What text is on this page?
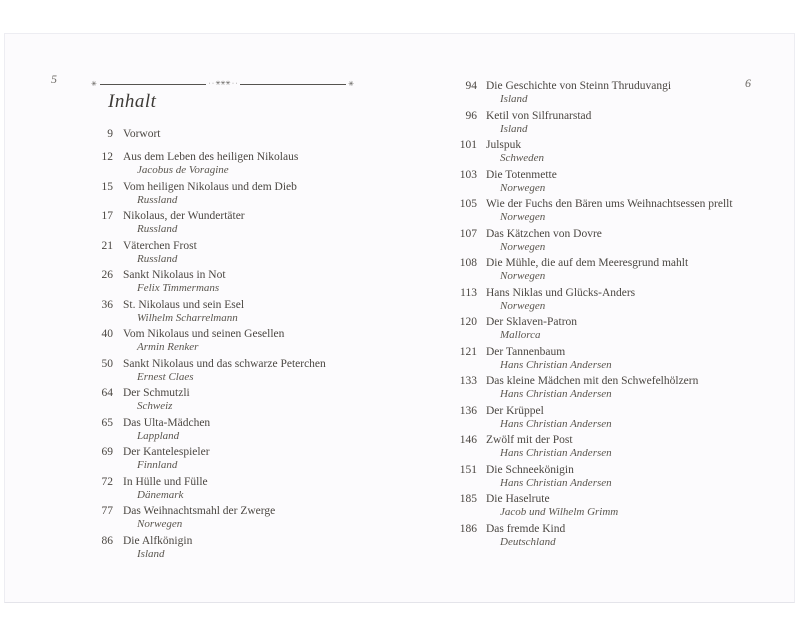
5	6
✳	· · ✳✳✳ · ·	✳
Inhalt
9 Vorwort
12 Aus dem Leben des heiligen Nikolaus
Jacobus de Voragine
15 Vom heiligen Nikolaus und dem Dieb
Russland
17 Nikolaus, der Wundertäter
Russland
21 Väterchen Frost
Russland
26 Sankt Nikolaus in Not
Felix Timmermans
36 St. Nikolaus und sein Esel
Wilhelm Scharrelmann
40 Vom Nikolaus und seinen Gesellen
Armin Renker
50 Sankt Nikolaus und das schwarze Peterchen
Ernest Claes
64 Der Schmutzli
Schweiz
65 Das Ulta-Mädchen
Lappland
69 Der Kantelespieler
Finnland
72 In Hülle und Fülle
Dänemark
77 Das Weihnachtsmahl der Zwerge
Norwegen
86 Die Alfkönigin
Island
94 Die Geschichte von Steinn Thruduvangi
Island
96 Ketil von Silfrunarstad
Island
101 Julspuk
Schweden
103 Die Totenmette
Norwegen
105 Wie der Fuchs den Bären ums Weihnachtsessen prellt
Norwegen
107 Das Kätzchen von Dovre
Norwegen
108 Die Mühle, die auf dem Meeresgrund mahlt
Norwegen
113 Hans Niklas und Glücks-Anders
Norwegen
120 Der Sklaven-Patron
Mallorca
121 Der Tannenbaum
Hans Christian Andersen
133 Das kleine Mädchen mit den Schwefelhölzern
Hans Christian Andersen
136 Der Krüppel
Hans Christian Andersen
146 Zwölf mit der Post
Hans Christian Andersen
151 Die Schneekönigin
Hans Christian Andersen
185 Die Haselrute
Jacob und Wilhelm Grimm
186 Das fremde Kind
Deutschland
